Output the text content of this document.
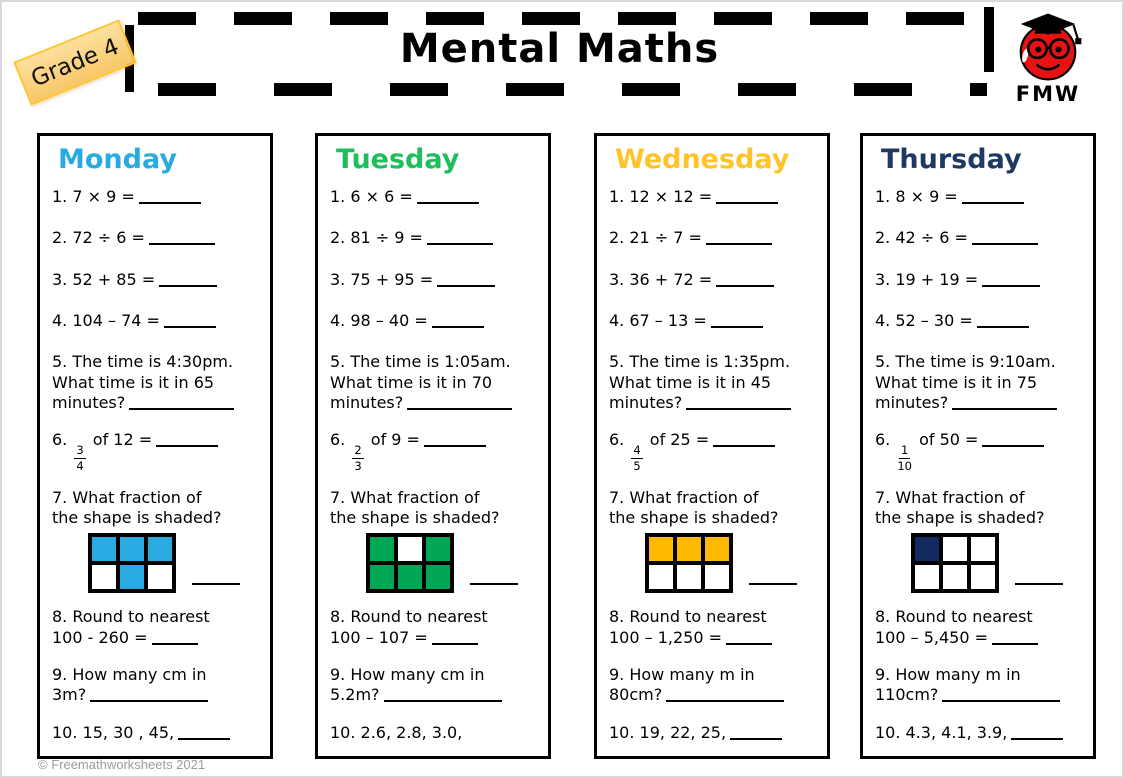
Mental Maths
Grade 4
FMW
Monday
1. 7 × 9 =
2. 72 ÷ 6 =
3. 52 + 85 =
4. 104 – 74 =
5. The time is 4:30pm.
What time is it in 65
minutes?
6.
$\frac{3}{4}$
of 12 =
7. What fraction of
the shape is shaded?
8. Round to nearest
100 - 260 =
9. How many cm in
3m?
10. 15, 30 , 45,
Tuesday
1. 6 × 6 =
2. 81 ÷ 9 =
3. 75 + 95 =
4. 98 – 40 =
5. The time is 1:05am.
What time is it in 70
minutes?
6.
$\frac{2}{3}$
of 9 =
7. What fraction of
the shape is shaded?
8. Round to nearest
100 – 107 =
9. How many cm in
5.2m?
10. 2.6, 2.8, 3.0,
Wednesday
1. 12 × 12 =
2. 21 ÷ 7 =
3. 36 + 72 =
4. 67 – 13 =
5. The time is 1:35pm.
What time is it in 45
minutes?
6.
$\frac{4}{5}$
of 25 =
7. What fraction of
the shape is shaded?
8. Round to nearest
100 – 1,250 =
9. How many m in
80cm?
10. 19, 22, 25,
Thursday
1. 8 × 9 =
2. 42 ÷ 6 =
3. 19 + 19 =
4. 52 – 30 =
5. The time is 9:10am.
What time is it in 75
minutes?
6.
$\frac{1}{10}$
of 50 =
7. What fraction of
the shape is shaded?
8. Round to nearest
100 – 5,450 =
9. How many m in
110cm?
10. 4.3, 4.1, 3.9,
© Freemathworksheets 2021
